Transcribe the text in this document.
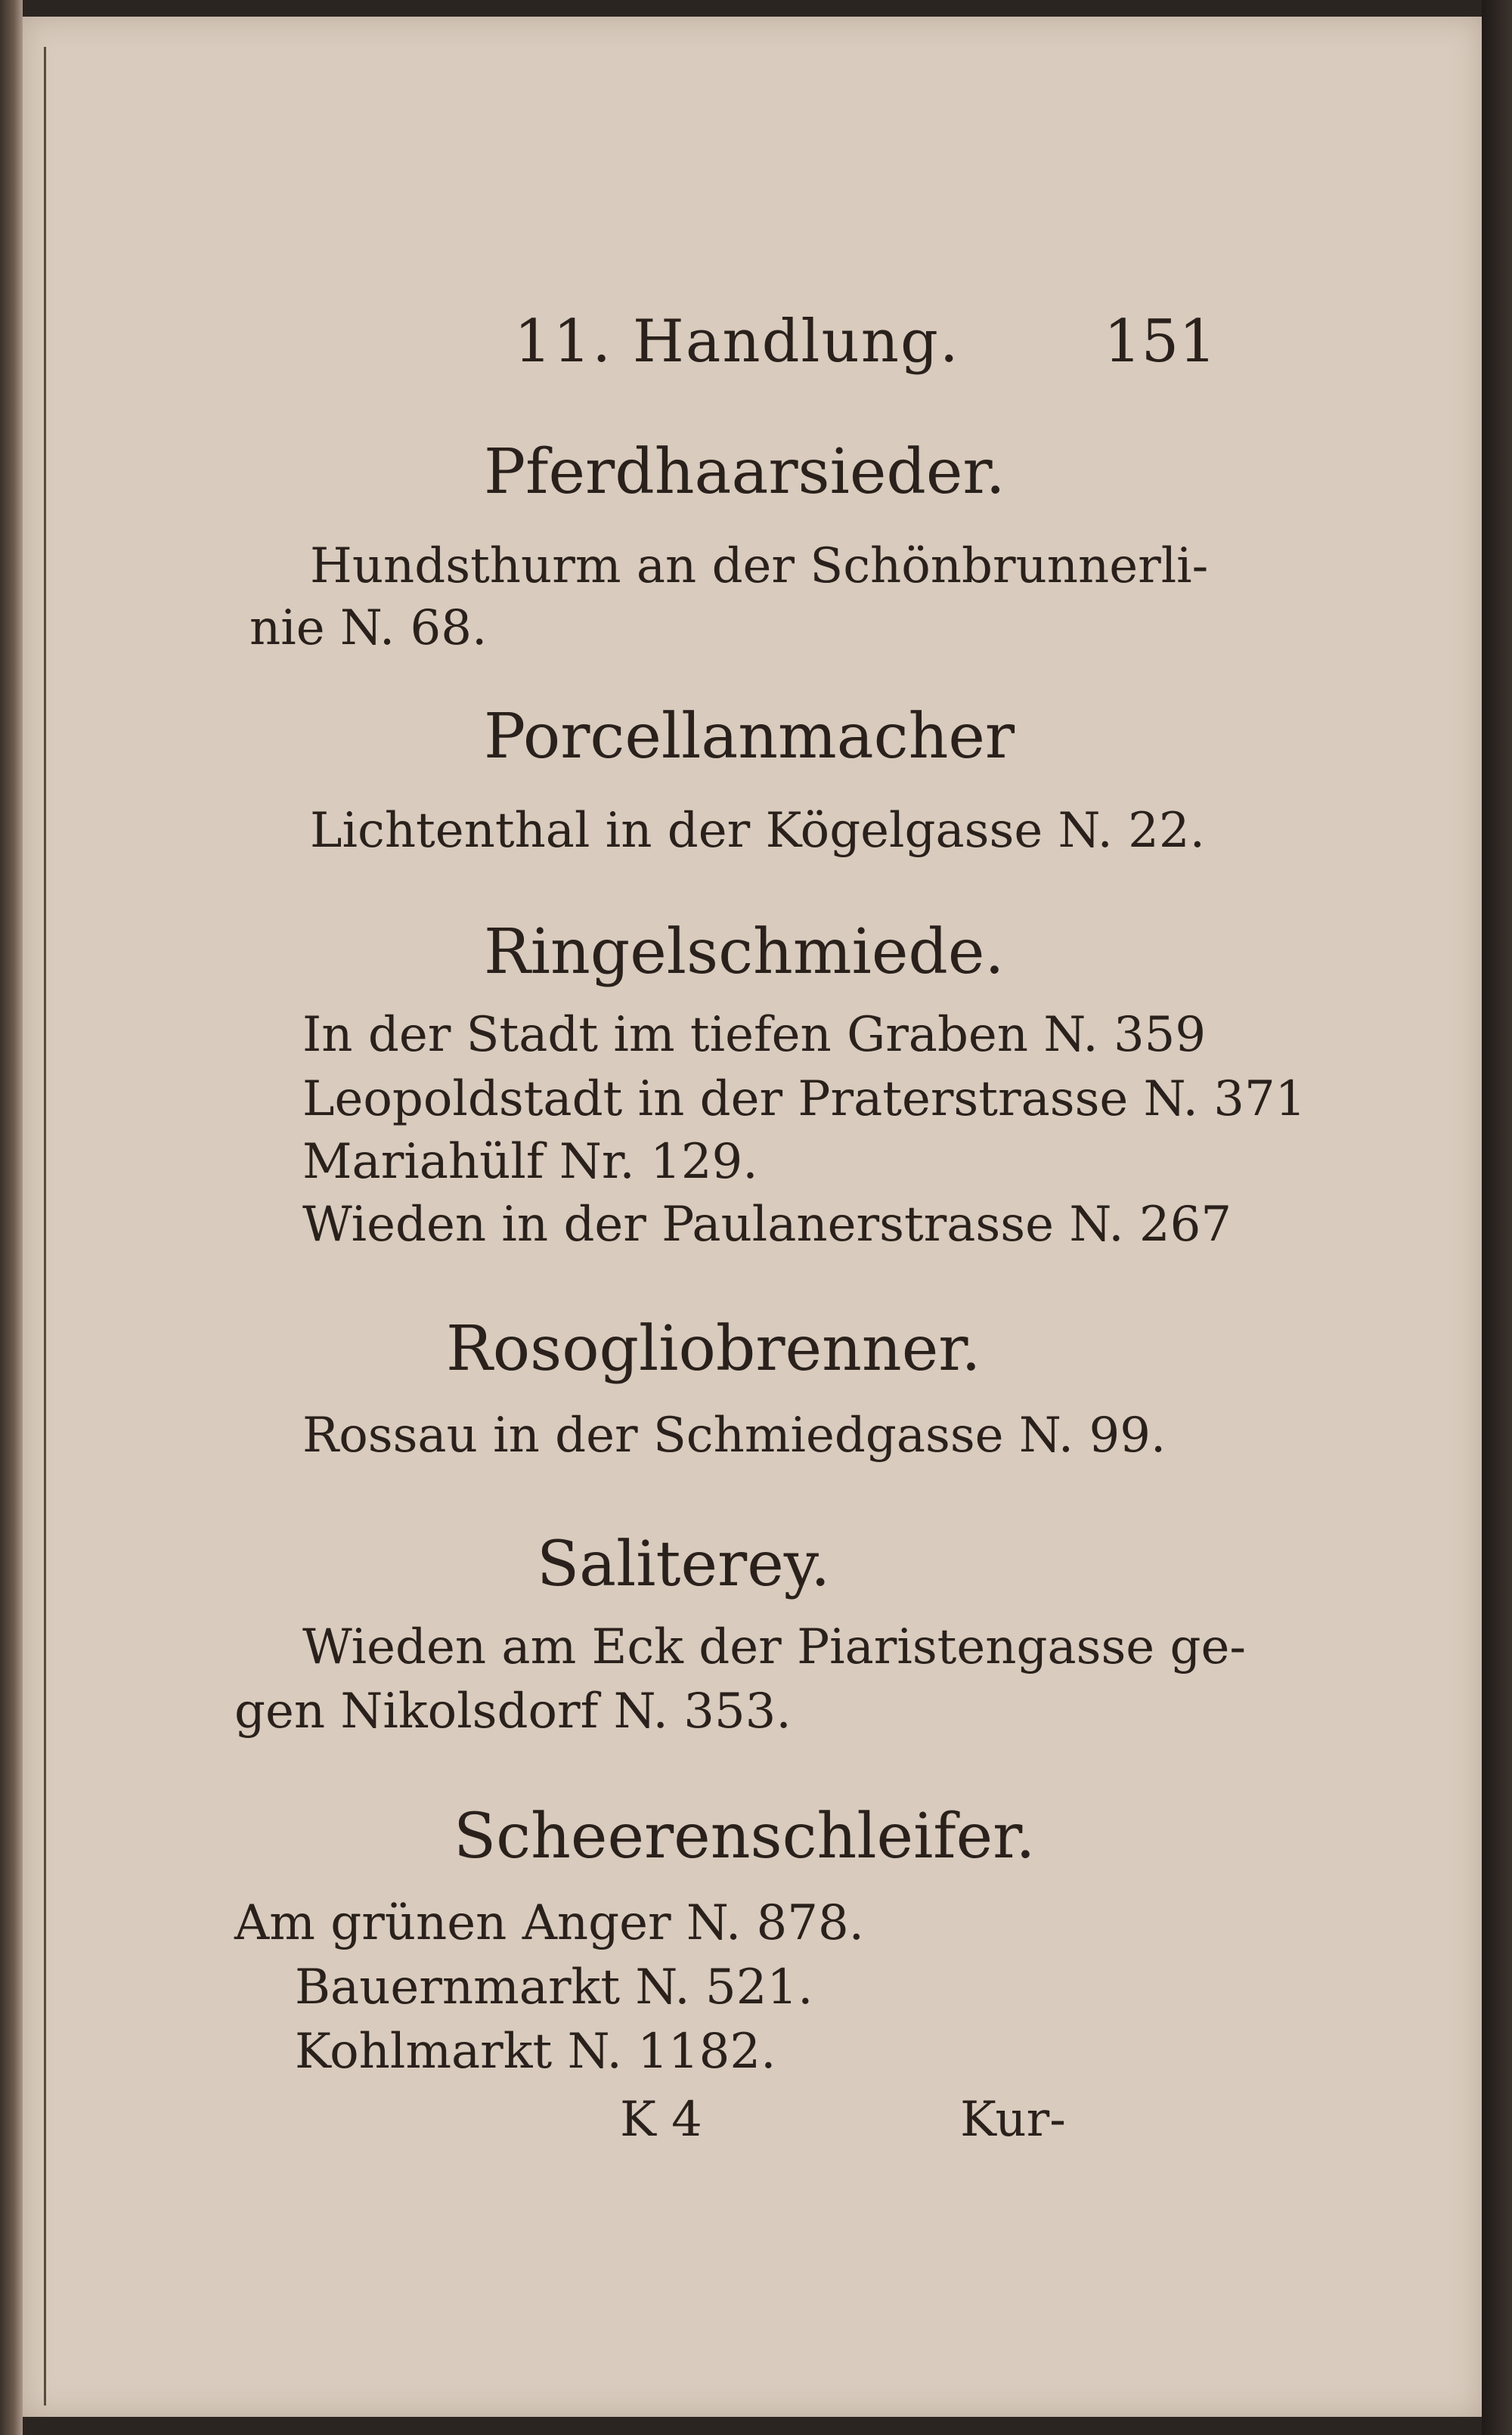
11. Handlung. 151
Pferdhaarsieder.
Hundsthurm an der Schönbrunnerli-
nie N. 68.
Porcellanmacher
Lichtenthal in der Kögelgasse N. 22.
Ringelschmiede.
In der Stadt im tiefen Graben N. 359
Leopoldstadt in der Praterstrasse N. 371
Mariahülf Nr. 129.
Wieden in der Paulanerstrasse N. 267
Rosogliobrenner.
Rossau in der Schmiedgasse N. 99.
Saliterey.
Wieden am Eck der Piaristengasse ge-
gen Nikolsdorf N. 353.
Scheerenschleifer.
Am grünen Anger N. 878.
Bauernmarkt N. 521.
Kohlmarkt N. 1182.
K 4	Kur-
